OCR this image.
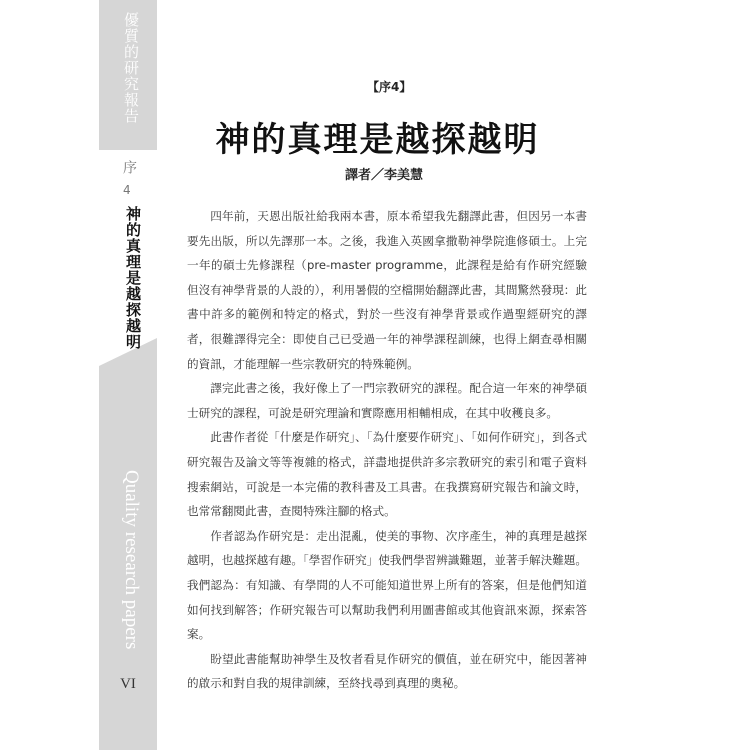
優質的研究報告
序
4
神的真理是越探越明
Quality research papers
VI
【序4】
神的真理是越探越明
譯者／李美慧

四年前，天恩出版社給我兩本書，原本希望我先翻譯此書，但因另一本書要先出版，所以先譯那一本。之後，我進入英國拿撒勒神學院進修碩士。上完一年的碩士先修課程（pre-master programme，此課程是給有作研究經驗但沒有神學背景的人設的），利用暑假的空檔開始翻譯此書，其間驚然發現：此書中許多的範例和特定的格式，對於一些沒有神學背景或作過聖經研究的譯者，很難譯得完全：即使自己已受過一年的神學課程訓練，也得上網查尋相關的資訊，才能理解一些宗教研究的特殊範例。

譯完此書之後，我好像上了一門宗教研究的課程。配合這一年來的神學碩士研究的課程，可說是研究理論和實際應用相輔相成，在其中收穫良多。

此書作者從「什麼是作研究」、「為什麼要作研究」、「如何作研究」，到各式研究報告及論文等等複雜的格式，詳盡地提供許多宗教研究的索引和電子資料搜索網站，可說是一本完備的教科書及工具書。在我撰寫研究報告和論文時，也常常翻閱此書，查閱特殊注腳的格式。

作者認為作研究是：走出混亂，使美的事物、次序產生，神的真理是越探越明，也越探越有趣。「學習作研究」使我們學習辨識難題，並著手解決難題。我們認為：有知識、有學問的人不可能知道世界上所有的答案，但是他們知道如何找到解答；作研究報告可以幫助我們利用圖書館或其他資訊來源，探索答案。

盼望此書能幫助神學生及牧者看見作研究的價值，並在研究中，能因著神的啟示和對自我的規律訓練，至終找尋到真理的奧秘。
